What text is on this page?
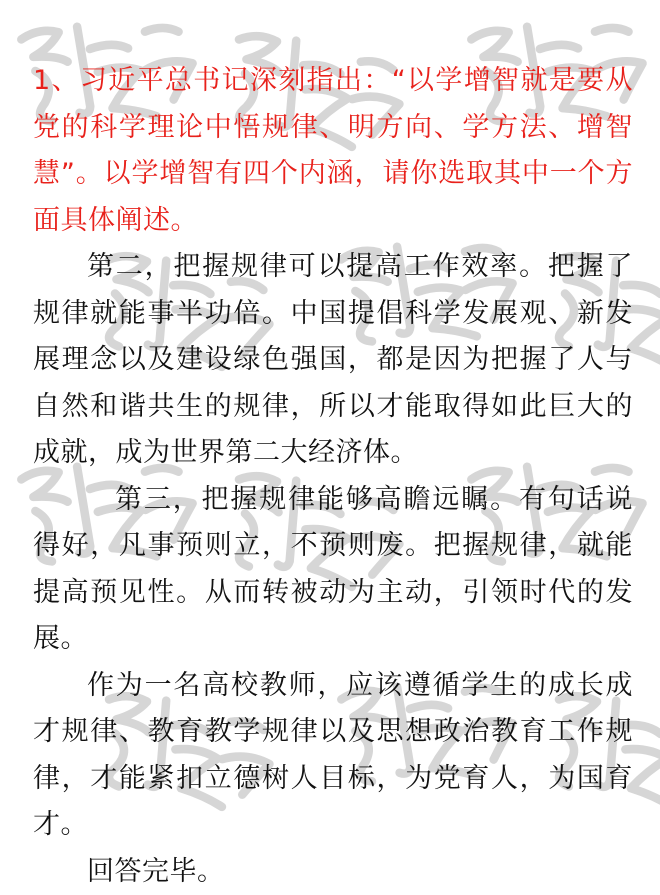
1、习近平总书记深刻指出：“以学增智就是要从党的科学理论中悟规律、明方向、学方法、增智慧”。以学增智有四个内涵，请你选取其中一个方面具体阐述。

第二，把握规律可以提高工作效率。把握了规律就能事半功倍。中国提倡科学发展观、新发展理念以及建设绿色强国，都是因为把握了人与自然和谐共生的规律，所以才能取得如此巨大的成就，成为世界第二大经济体。

第三，把握规律能够高瞻远瞩。有句话说得好，凡事预则立，不预则废。把握规律，就能提高预见性。从而转被动为主动，引领时代的发展。

作为一名高校教师，应该遵循学生的成长成才规律、教育教学规律以及思想政治教育工作规律，才能紧扣立德树人目标，为党育人，为国育才。

回答完毕。
